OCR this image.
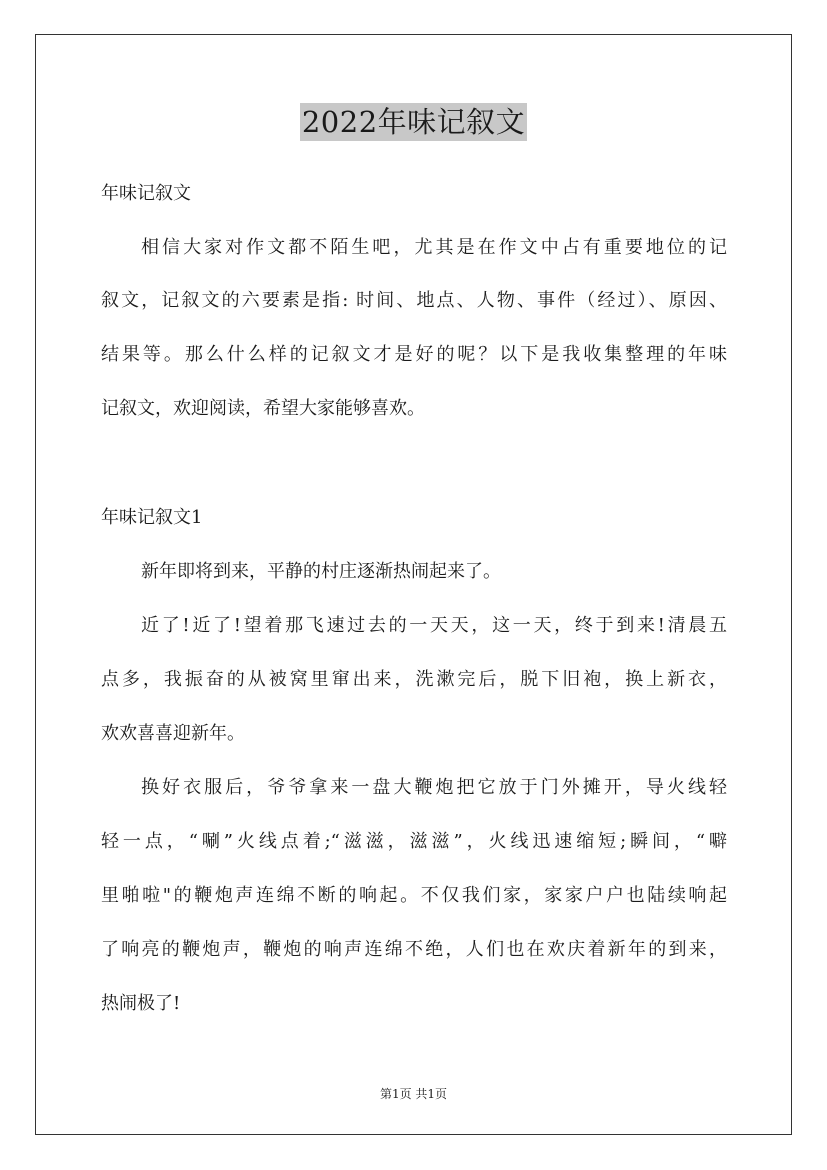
2022年味记叙文
年味记叙文
相信大家对作文都不陌生吧，尤其是在作文中占有重要地位的记
叙文，记叙文的六要素是指: 时间、地点、人物、事件（经过）、原因、
结果等。那么什么样的记叙文才是好的呢？以下是我收集整理的年味
记叙文，欢迎阅读，希望大家能够喜欢。
年味记叙文1
新年即将到来，平静的村庄逐渐热闹起来了。
近了!近了!望着那飞速过去的一天天，这一天，终于到来!清晨五
点多，我振奋的从被窝里窜出来，洗漱完后，脱下旧袍，换上新衣，
欢欢喜喜迎新年。
换好衣服后，爷爷拿来一盘大鞭炮把它放于门外摊开，导火线轻
轻一点，“唰”火线点着;“滋滋，滋滋”，火线迅速缩短;瞬间，“噼
里啪啦"的鞭炮声连绵不断的响起。不仅我们家，家家户户也陆续响起
了响亮的鞭炮声，鞭炮的响声连绵不绝，人们也在欢庆着新年的到来，
热闹极了!
第1页 共1页
